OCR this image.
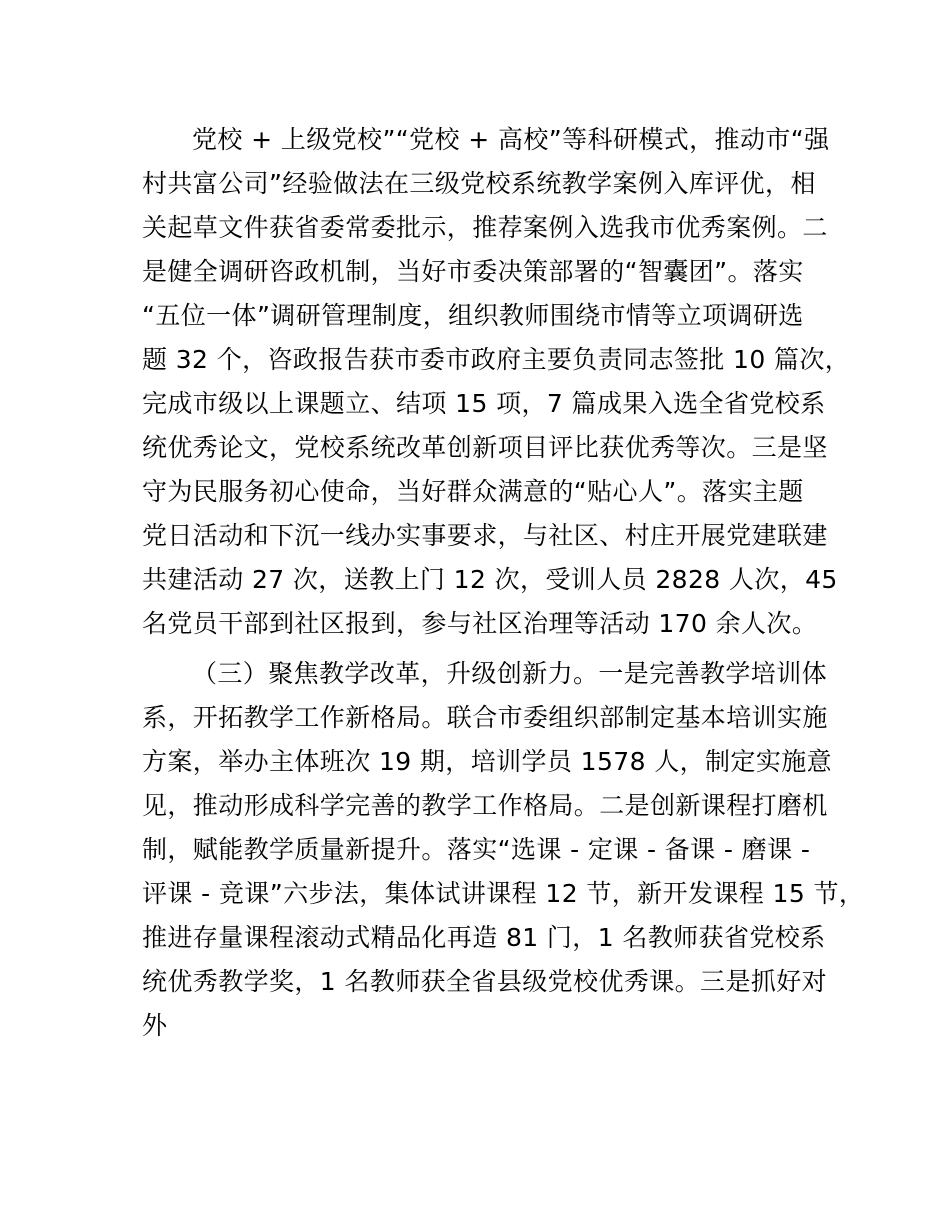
党校 + 上级党校”“党校 + 高校”等科研模式，推动市“强
村共富公司”经验做法在三级党校系统教学案例入库评优，相
关起草文件获省委常委批示，推荐案例入选我市优秀案例。二
是健全调研咨政机制，当好市委决策部署的“智囊团”。落实
“五位一体”调研管理制度，组织教师围绕市情等立项调研选
题 32 个，咨政报告获市委市政府主要负责同志签批 10 篇次，
完成市级以上课题立、结项 15 项，7 篇成果入选全省党校系
统优秀论文，党校系统改革创新项目评比获优秀等次。三是坚
守为民服务初心使命，当好群众满意的“贴心人”。落实主题
党日活动和下沉一线办实事要求，与社区、村庄开展党建联建
共建活动 27 次，送教上门 12 次，受训人员 2828 人次，45
名党员干部到社区报到，参与社区治理等活动 170 余人次。
（三）聚焦教学改革，升级创新力。一是完善教学培训体
系，开拓教学工作新格局。联合市委组织部制定基本培训实施
方案，举办主体班次 19 期，培训学员 1578 人，制定实施意
见，推动形成科学完善的教学工作格局。二是创新课程打磨机
制，赋能教学质量新提升。落实“选课 - 定课 - 备课 - 磨课 -
评课 - 竞课”六步法，集体试讲课程 12 节，新开发课程 15 节，
推进存量课程滚动式精品化再造 81 门，1 名教师获省党校系
统优秀教学奖，1 名教师获全省县级党校优秀课。三是抓好对
外
